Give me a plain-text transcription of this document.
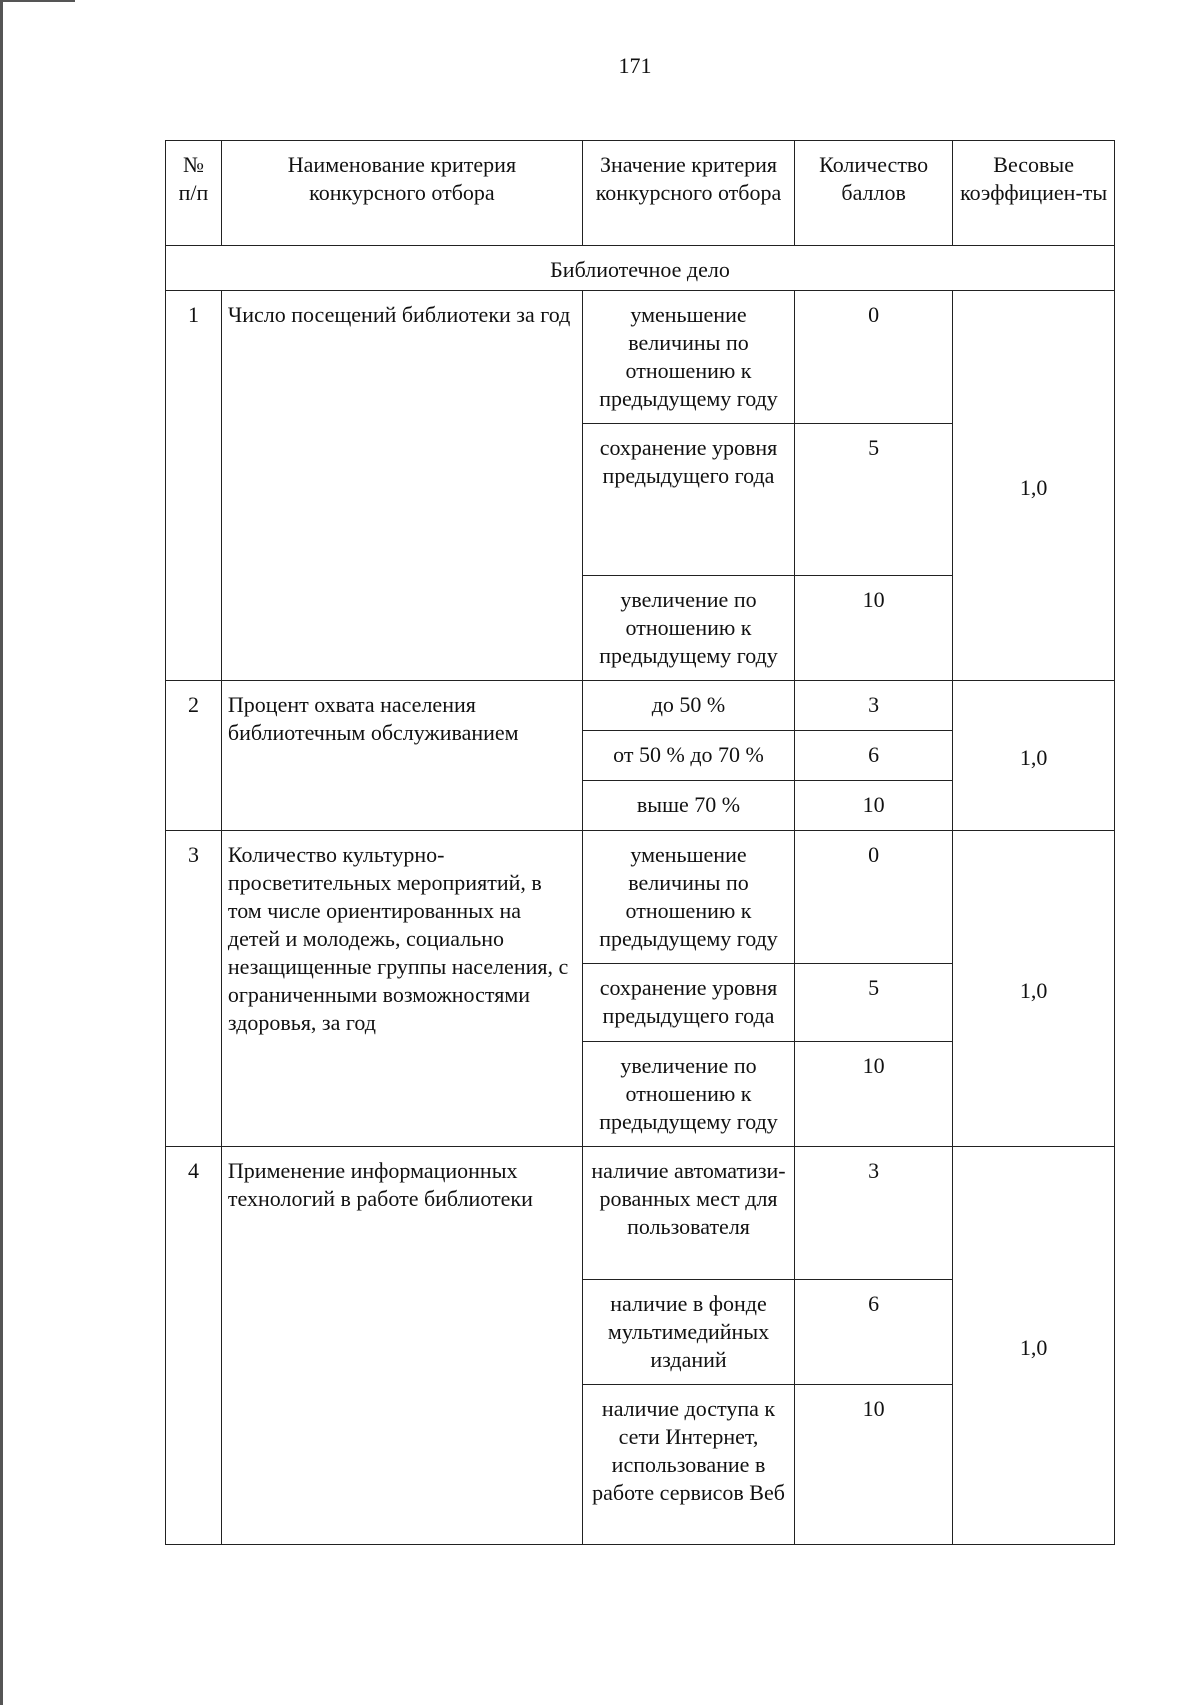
171
№
п/п	Наименование критерия конкурсного отбора	Значение критерия конкурсного отбора	Количество баллов	Весовые коэффициен-ты
Библиотечное дело				
1	Число посещений библиотеки за год	уменьшение величины по отношению к предыдущему году	0	1,0
		сохранение уровня предыдущего года	5	
		увеличение по отношению к предыдущему году	10	
2	Процент охвата населения библиотечным обслуживанием	до 50 %	3	1,0
		от 50 % до 70 %	6	
		выше 70 %	10	
3	Количество культурно-просветительных мероприятий, в том числе ориентированных на детей и молодежь, социально незащищенные группы населения, с ограниченными возможностями здоровья, за год	уменьшение величины по отношению к предыдущему году	0	1,0
		сохранение уровня предыдущего года	5	
		увеличение по отношению к предыдущему году	10	
4	Применение информационных технологий в работе библиотеки	наличие автоматизи-рованных мест для пользователя	3	1,0
		наличие в фонде мультимедийных изданий	6	
		наличие доступа к сети Интернет, использование в работе сервисов Веб	10	
